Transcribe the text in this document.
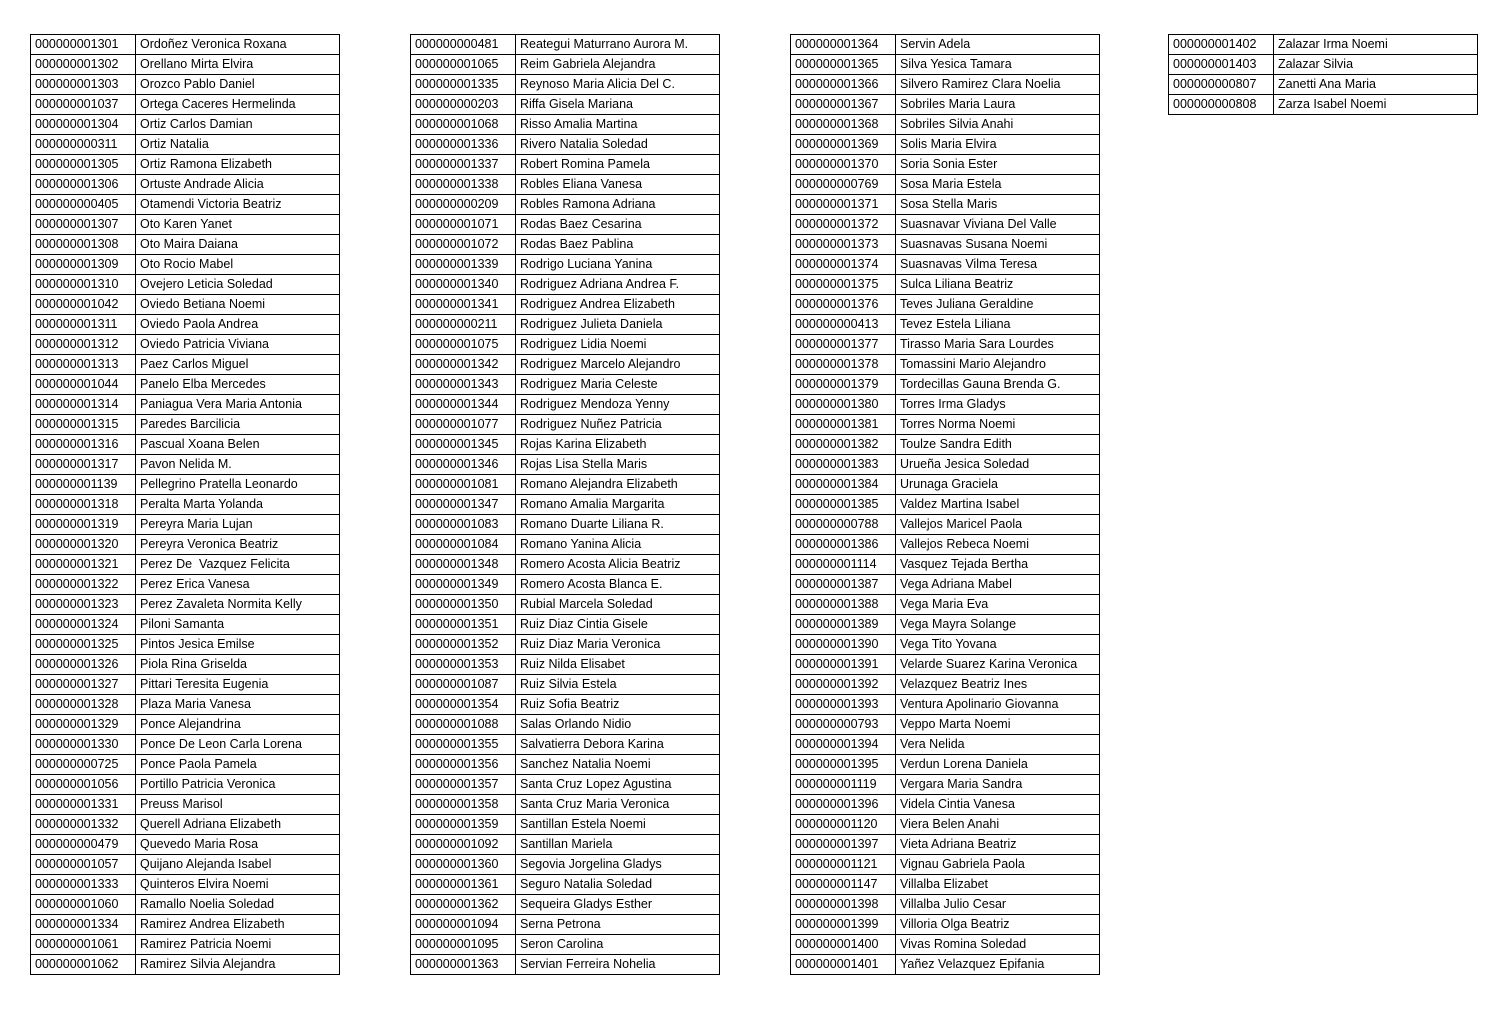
000000001301	Ordoñez Veronica Roxana
000000001302	Orellano Mirta Elvira
000000001303	Orozco Pablo Daniel
000000001037	Ortega Caceres Hermelinda
000000001304	Ortiz Carlos Damian
000000000311	Ortiz Natalia
000000001305	Ortiz Ramona Elizabeth
000000001306	Ortuste Andrade Alicia
000000000405	Otamendi Victoria Beatriz
000000001307	Oto Karen Yanet
000000001308	Oto Maira Daiana
000000001309	Oto Rocio Mabel
000000001310	Ovejero Leticia Soledad
000000001042	Oviedo Betiana Noemi
000000001311	Oviedo Paola Andrea
000000001312	Oviedo Patricia Viviana
000000001313	Paez Carlos Miguel
000000001044	Panelo Elba Mercedes
000000001314	Paniagua Vera Maria Antonia
000000001315	Paredes Barcilicia
000000001316	Pascual Xoana Belen
000000001317	Pavon Nelida M.
000000001139	Pellegrino Pratella Leonardo
000000001318	Peralta Marta Yolanda
000000001319	Pereyra Maria Lujan
000000001320	Pereyra Veronica Beatriz
000000001321	Perez De  Vazquez Felicita
000000001322	Perez Erica Vanesa
000000001323	Perez Zavaleta Normita Kelly
000000001324	Piloni Samanta
000000001325	Pintos Jesica Emilse
000000001326	Piola Rina Griselda
000000001327	Pittari Teresita Eugenia
000000001328	Plaza Maria Vanesa
000000001329	Ponce Alejandrina
000000001330	Ponce De Leon Carla Lorena
000000000725	Ponce Paola Pamela
000000001056	Portillo Patricia Veronica
000000001331	Preuss Marisol
000000001332	Querell Adriana Elizabeth
000000000479	Quevedo Maria Rosa
000000001057	Quijano Alejanda Isabel
000000001333	Quinteros Elvira Noemi
000000001060	Ramallo Noelia Soledad
000000001334	Ramirez Andrea Elizabeth
000000001061	Ramirez Patricia Noemi
000000001062	Ramirez Silvia Alejandra
000000000481	Reategui Maturrano Aurora M.
000000001065	Reim Gabriela Alejandra
000000001335	Reynoso Maria Alicia Del C.
000000000203	Riffa Gisela Mariana
000000001068	Risso Amalia Martina
000000001336	Rivero Natalia Soledad
000000001337	Robert Romina Pamela
000000001338	Robles Eliana Vanesa
000000000209	Robles Ramona Adriana
000000001071	Rodas Baez Cesarina
000000001072	Rodas Baez Pablina
000000001339	Rodrigo Luciana Yanina
000000001340	Rodriguez Adriana Andrea F.
000000001341	Rodriguez Andrea Elizabeth
000000000211	Rodriguez Julieta Daniela
000000001075	Rodriguez Lidia Noemi
000000001342	Rodriguez Marcelo Alejandro
000000001343	Rodriguez Maria Celeste
000000001344	Rodriguez Mendoza Yenny
000000001077	Rodriguez Nuñez Patricia
000000001345	Rojas Karina Elizabeth
000000001346	Rojas Lisa Stella Maris
000000001081	Romano Alejandra Elizabeth
000000001347	Romano Amalia Margarita
000000001083	Romano Duarte Liliana R.
000000001084	Romano Yanina Alicia
000000001348	Romero Acosta Alicia Beatriz
000000001349	Romero Acosta Blanca E.
000000001350	Rubial Marcela Soledad
000000001351	Ruiz Diaz Cintia Gisele
000000001352	Ruiz Diaz Maria Veronica
000000001353	Ruiz Nilda Elisabet
000000001087	Ruiz Silvia Estela
000000001354	Ruiz Sofia Beatriz
000000001088	Salas Orlando Nidio
000000001355	Salvatierra Debora Karina
000000001356	Sanchez Natalia Noemi
000000001357	Santa Cruz Lopez Agustina
000000001358	Santa Cruz Maria Veronica
000000001359	Santillan Estela Noemi
000000001092	Santillan Mariela
000000001360	Segovia Jorgelina Gladys
000000001361	Seguro Natalia Soledad
000000001362	Sequeira Gladys Esther
000000001094	Serna Petrona
000000001095	Seron Carolina
000000001363	Servian Ferreira Nohelia
000000001364	Servin Adela
000000001365	Silva Yesica Tamara
000000001366	Silvero Ramirez Clara Noelia
000000001367	Sobriles Maria Laura
000000001368	Sobriles Silvia Anahi
000000001369	Solis Maria Elvira
000000001370	Soria Sonia Ester
000000000769	Sosa Maria Estela
000000001371	Sosa Stella Maris
000000001372	Suasnavar Viviana Del Valle
000000001373	Suasnavas Susana Noemi
000000001374	Suasnavas Vilma Teresa
000000001375	Sulca Liliana Beatriz
000000001376	Teves Juliana Geraldine
000000000413	Tevez Estela Liliana
000000001377	Tirasso Maria Sara Lourdes
000000001378	Tomassini Mario Alejandro
000000001379	Tordecillas Gauna Brenda G.
000000001380	Torres Irma Gladys
000000001381	Torres Norma Noemi
000000001382	Toulze Sandra Edith
000000001383	Urueña Jesica Soledad
000000001384	Urunaga Graciela
000000001385	Valdez Martina Isabel
000000000788	Vallejos Maricel Paola
000000001386	Vallejos Rebeca Noemi
000000001114	Vasquez Tejada Bertha
000000001387	Vega Adriana Mabel
000000001388	Vega Maria Eva
000000001389	Vega Mayra Solange
000000001390	Vega Tito Yovana
000000001391	Velarde Suarez Karina Veronica
000000001392	Velazquez Beatriz Ines
000000001393	Ventura Apolinario Giovanna
000000000793	Veppo Marta Noemi
000000001394	Vera Nelida
000000001395	Verdun Lorena Daniela
000000001119	Vergara Maria Sandra
000000001396	Videla Cintia Vanesa
000000001120	Viera Belen Anahi
000000001397	Vieta Adriana Beatriz
000000001121	Vignau Gabriela Paola
000000001147	Villalba Elizabet
000000001398	Villalba Julio Cesar
000000001399	Villoria Olga Beatriz
000000001400	Vivas Romina Soledad
000000001401	Yañez Velazquez Epifania
000000001402	Zalazar Irma Noemi
000000001403	Zalazar Silvia
000000000807	Zanetti Ana Maria
000000000808	Zarza Isabel Noemi
